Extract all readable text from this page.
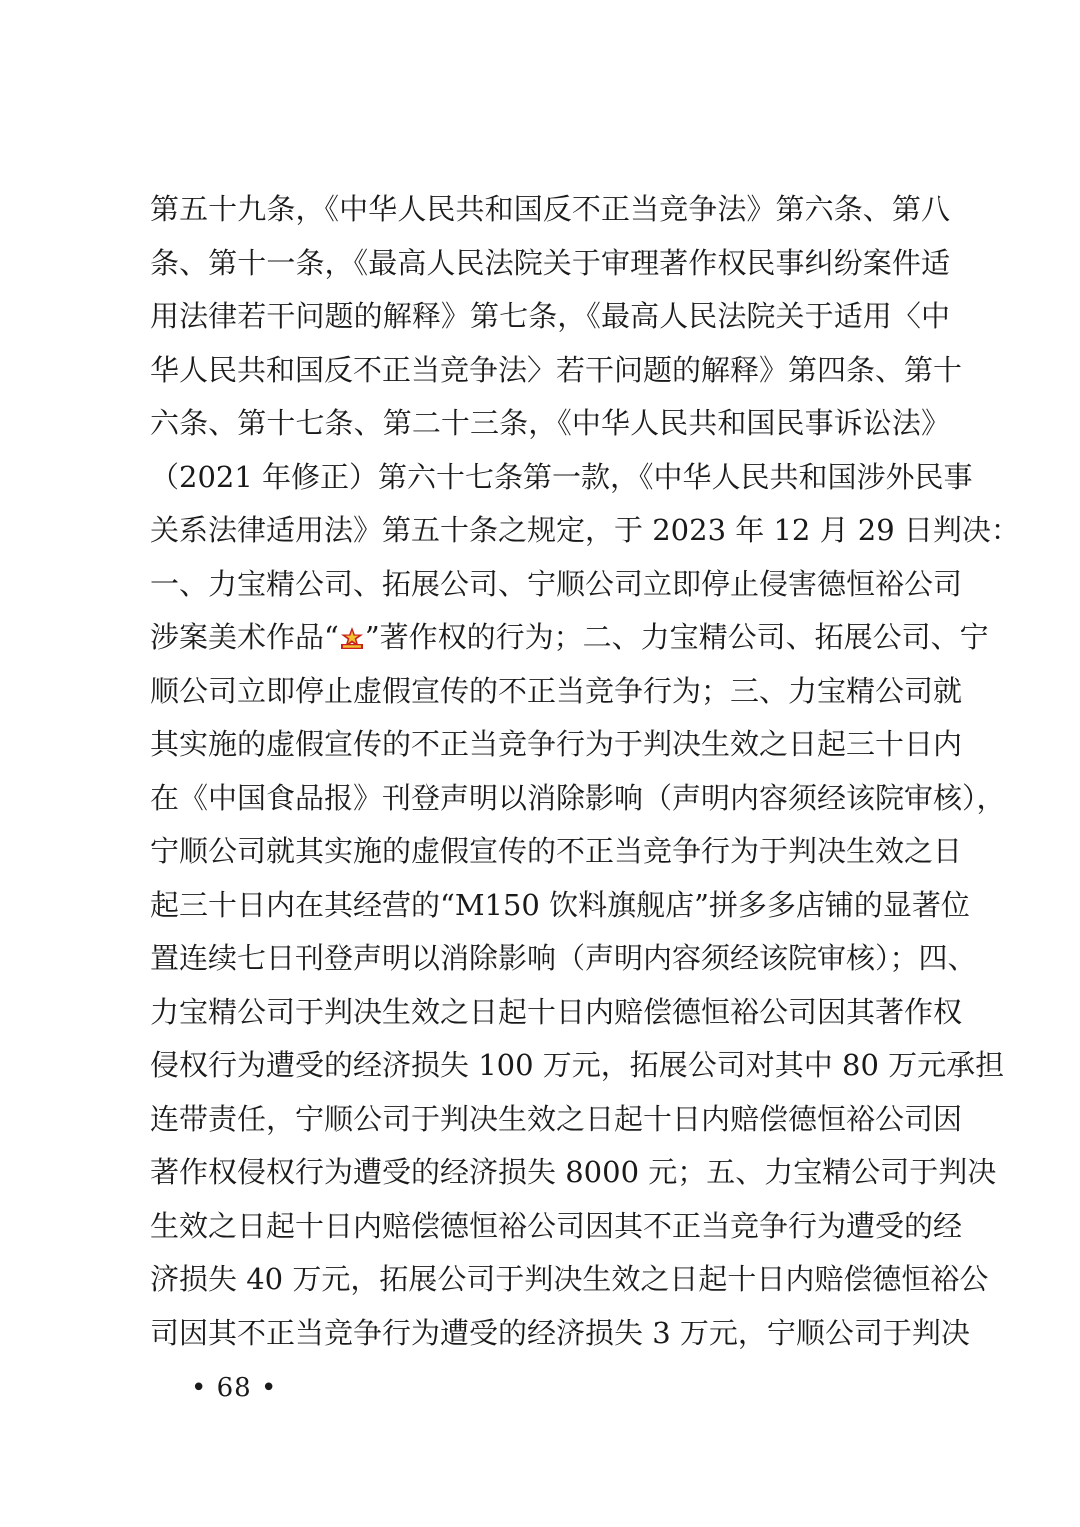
第五十九条，《中华人民共和国反不正当竞争法》第六条、第八
条、第十一条，《最高人民法院关于审理著作权民事纠纷案件适
用法律若干问题的解释》第七条，《最高人民法院关于适用〈中
华人民共和国反不正当竞争法〉若干问题的解释》第四条、第十
六条、第十七条、第二十三条，《中华人民共和国民事诉讼法》
（2021 年修正）第六十七条第一款，《中华人民共和国涉外民事
关系法律适用法》第五十条之规定，于 2023 年 12 月 29 日判决：
一、力宝精公司、拓展公司、宁顺公司立即停止侵害德恒裕公司
涉案美术作品“ ”著作权的行为；二、力宝精公司、拓展公司、宁
顺公司立即停止虚假宣传的不正当竞争行为；三、力宝精公司就
其实施的虚假宣传的不正当竞争行为于判决生效之日起三十日内
在《中国食品报》刊登声明以消除影响（声明内容须经该院审核），
宁顺公司就其实施的虚假宣传的不正当竞争行为于判决生效之日
起三十日内在其经营的“M150 饮料旗舰店”拼多多店铺的显著位
置连续七日刊登声明以消除影响（声明内容须经该院审核）；四、
力宝精公司于判决生效之日起十日内赔偿德恒裕公司因其著作权
侵权行为遭受的经济损失 100 万元，拓展公司对其中 80 万元承担
连带责任，宁顺公司于判决生效之日起十日内赔偿德恒裕公司因
著作权侵权行为遭受的经济损失 8000 元；五、力宝精公司于判决
生效之日起十日内赔偿德恒裕公司因其不正当竞争行为遭受的经
济损失 40 万元，拓展公司于判决生效之日起十日内赔偿德恒裕公
司因其不正当竞争行为遭受的经济损失 3 万元，宁顺公司于判决
• 68 •
